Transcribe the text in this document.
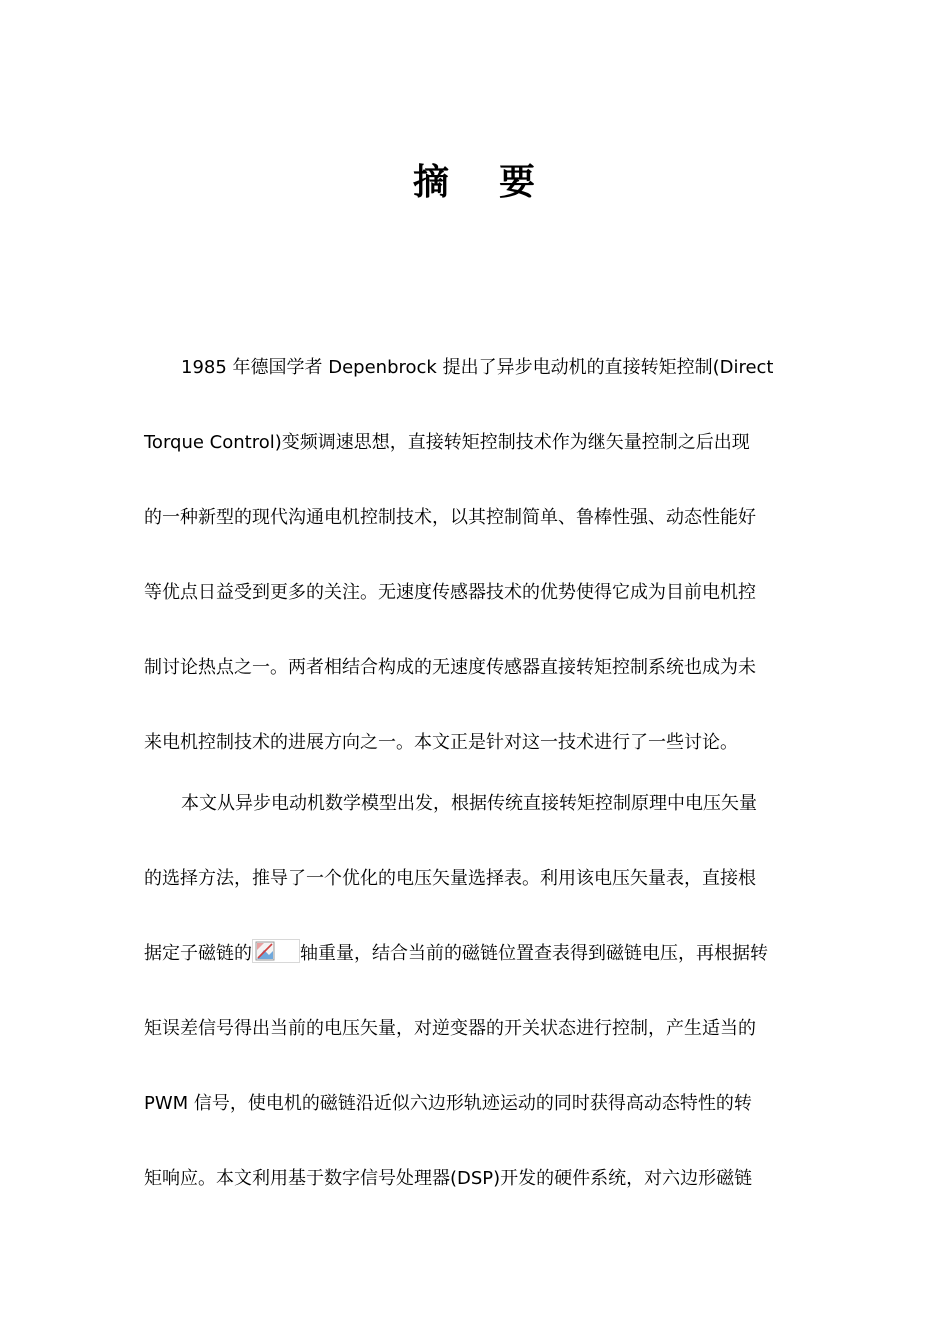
摘 要

1985 年德国学者 Depenbrock 提出了异步电动机的直接转矩控制(Direct
Torque Control)变频调速思想，直接转矩控制技术作为继矢量控制之后出现
的一种新型的现代沟通电机控制技术，以其控制简单、鲁棒性强、动态性能好
等优点日益受到更多的关注。无速度传感器技术的优势使得它成为目前电机控
制讨论热点之一。两者相结合构成的无速度传感器直接转矩控制系统也成为未
来电机控制技术的进展方向之一。本文正是针对这一技术进行了一些讨论。

本文从异步电动机数学模型出发，根据传统直接转矩控制原理中电压矢量
的选择方法，推导了一个优化的电压矢量选择表。利用该电压矢量表，直接根
据定子磁链的	轴重量，结合当前的磁链位置查表得到磁链电压，再根据转
矩误差信号得出当前的电压矢量，对逆变器的开关状态进行控制，产生适当的
PWM 信号，使电机的磁链沿近似六边形轨迹运动的同时获得高动态特性的转
矩响应。本文利用基于数字信号处理器(DSP)开发的硬件系统，对六边形磁链
